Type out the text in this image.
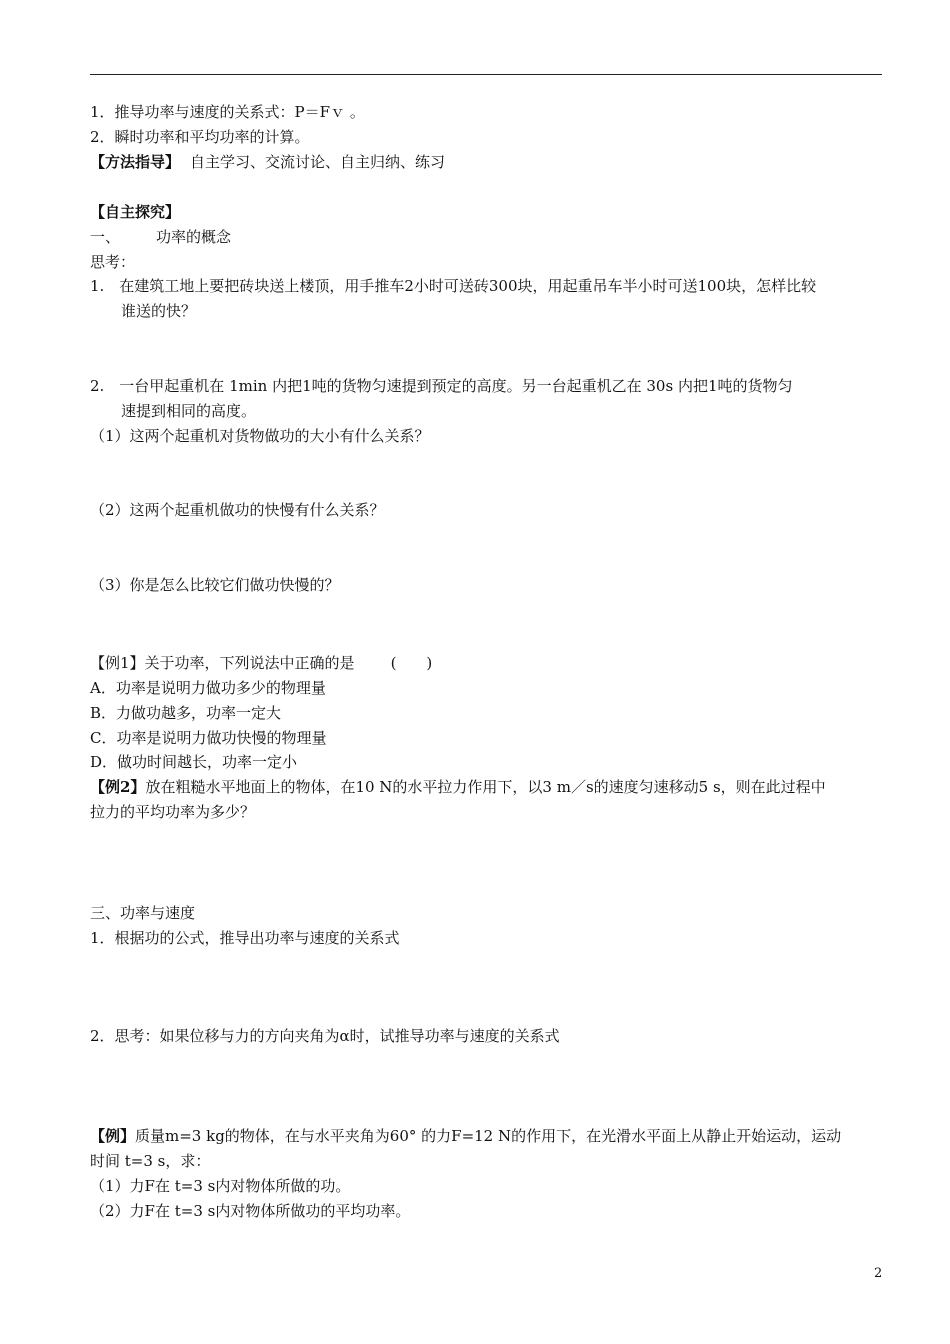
1．推导功率与速度的关系式：P＝Fｖ 。
2．瞬时功率和平均功率的计算。
【方法指导】 自主学习、交流讨论、自主归纳、练习
【自主探究】
一、 功率的概念
思考：
1.　在建筑工地上要把砖块送上楼顶，用手推车2小时可送砖300块，用起重吊车半小时可送100块，怎样比较
谁送的快？
2.　一台甲起重机在 1min 内把1吨的货物匀速提到预定的高度。另一台起重机乙在 30s 内把1吨的货物匀
速提到相同的高度。
（1）这两个起重机对货物做功的大小有什么关系？
（2）这两个起重机做功的快慢有什么关系？
（3）你是怎么比较它们做功快慢的？
【例1】关于功率，下列说法中正确的是 (　　)
A．功率是说明力做功多少的物理量
B．力做功越多，功率一定大
C．功率是说明力做功快慢的物理量
D．做功时间越长，功率一定小
【例2】放在粗糙水平地面上的物体，在10 N的水平拉力作用下，以3 m／s的速度匀速移动5 s，则在此过程中
拉力的平均功率为多少？
三、功率与速度
1．根据功的公式，推导出功率与速度的关系式
2．思考：如果位移与力的方向夹角为α时，试推导功率与速度的关系式
【例】质量m=3 kg的物体，在与水平夹角为60° 的力F=12 N的作用下，在光滑水平面上从静止开始运动，运动
时间 t=3 s，求：
（1）力F在 t=3 s内对物体所做的功。
（2）力F在 t=3 s内对物体所做功的平均功率。
2
